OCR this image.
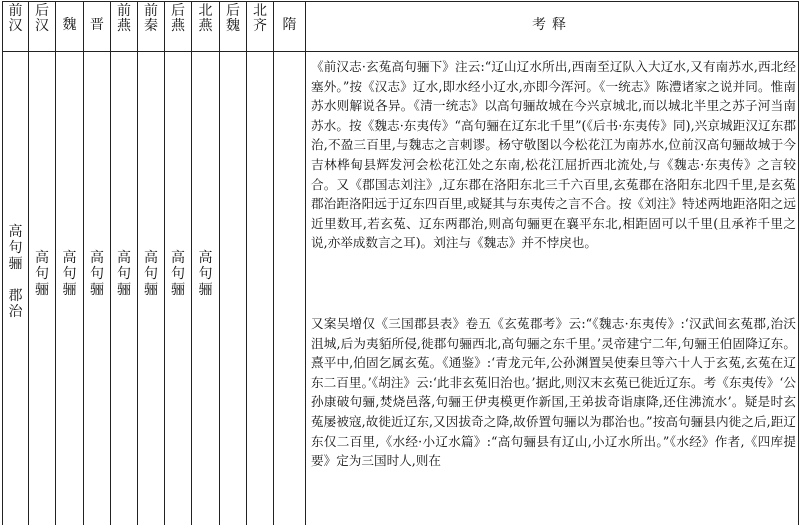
前
汉
后
汉 魏 晋
前
燕
前
秦
后
燕
北
燕
后
魏
北
齐	隋	考释
高
句
骊

郡
治
高
句
骊
高
句
骊
高
句
骊
高
句
骊
高
句
骊
高
句
骊
高
句
骊
《前汉志·玄菟高句骊下》注云:“辽山辽水所出,西南至辽队入大辽水,又有南苏水,西北经塞外。”按《汉志》辽水,即水经小辽水,亦即今浑河。《一统志》陈澧诸家之说并同。惟南苏水则解说各异。《清一统志》以高句骊故城在今兴京城北,而以城北半里之苏子河当南苏水。按《魏志·东夷传》“高句骊在辽东北千里”(《后书·东夷传》同),兴京城距汉辽东郡治,不盈三百里,与魏志之言刺谬。杨守敬图以今松花江为南苏水,位前汉高句骊故城于今吉林桦甸县辉发河会松花江处之东南,松花江屈折西北流处,与《魏志·东夷传》之言较合。又《郡国志刘注》,辽东郡在洛阳东北三千六百里,玄菟郡在洛阳东北四千里,是玄菟郡治距洛阳远于辽东四百里,或疑其与东夷传之言不合。按《刘注》特述两地距洛阳之远近里数耳,若玄菟、辽东两郡治,则高句骊更在襄平东北,相距固可以千里(且承祚千里之说,亦举成数言之耳)。刘注与《魏志》并不悖戾也。
又案吴增仅《三国郡县表》卷五《玄菟郡考》云:“《魏志·东夷传》:‘汉武间玄菟郡,治沃沮城,后为夷貊所侵,徙郡句骊西北,高句骊之东千里。’灵帝建宁二年,句骊王伯固降辽东。熹平中,伯固乞属玄菟。《通鉴》:‘青龙元年,公孙渊置吴使秦旦等六十人于玄菟,玄菟在辽东二百里。’《胡注》云:‘此非玄菟旧治也。’据此,则汉末玄菟已徙近辽东。考《东夷传》‘公孙康破句骊,焚烧邑落,句骊王伊夷模更作新国,王弟拔奇诣康降,还住沸流水’。疑是时玄菟屡被寇,故徙近辽东,又因拔奇之降,故侨置句骊以为郡治也。”按高句骊县内徙之后,距辽东仅二百里,《水经·小辽水篇》:“高句骊县有辽山,小辽水所出。”《水经》作者,《四库提要》定为三国时人,则在
